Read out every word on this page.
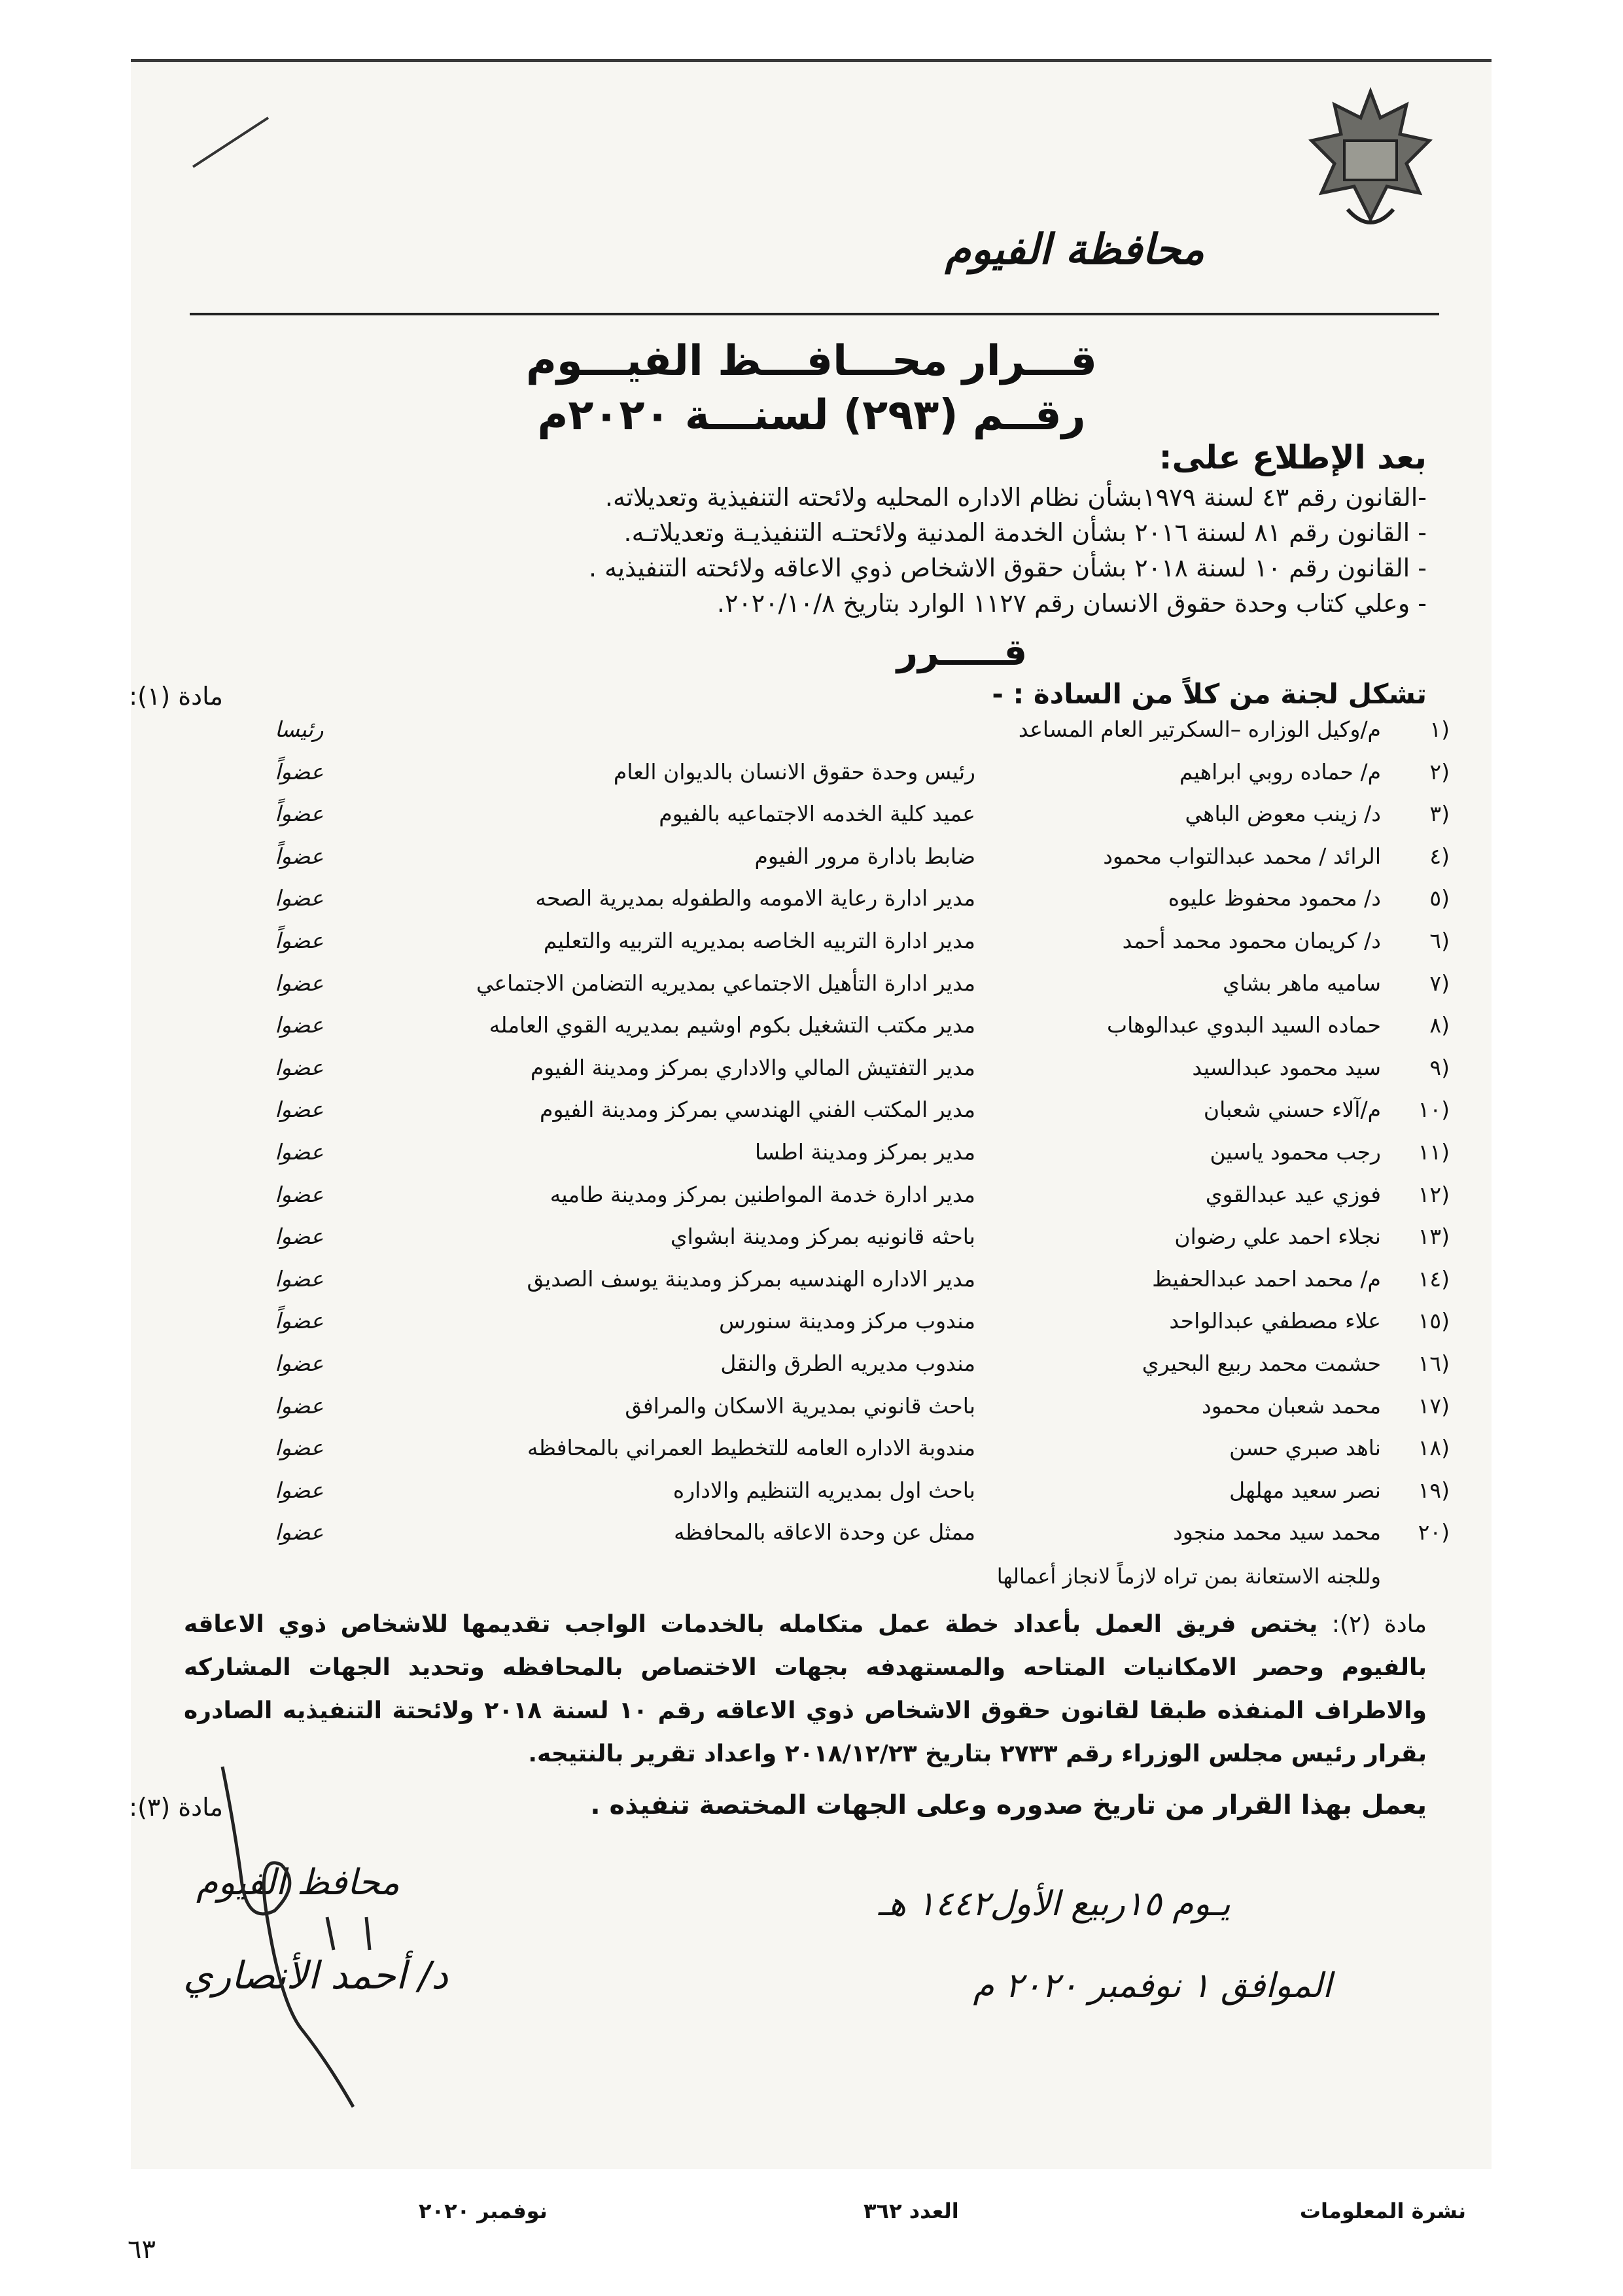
محافظة الفيوم
قـــرار محـــافـــظ الفيـــوم
رقــم (٢٩٣) لسنـــة ٢٠٢٠م
بعد الإطلاع على:
-القانون رقم ٤٣ لسنة ١٩٧٩بشأن نظام الاداره المحليه ولائحته التنفيذية وتعديلاته.
- القانون رقم ٨١ لسنة ٢٠١٦ بشأن الخدمة المدنية ولائحتـه التنفيذيـة وتعديلاتـه.
- القانون رقم ١٠ لسنة ٢٠١٨ بشأن حقوق الاشخاص ذوي الاعاقه ولائحته التنفيذيه .
- وعلي كتاب وحدة حقوق الانسان رقم ١١٢٧ الوارد بتاريخ ٢٠٢٠/١٠/٨.
قـــــرر
مادة (١):	تشكل لجنة من كلاً من السادة : -
١)
م/وكيل الوزاره –السكرتير العام المساعد
رئيسا
٢)
م/ حماده روبي ابراهيم
رئيس وحدة حقوق الانسان بالديوان العام
عضواً
٣)
د/ زينب معوض الباهي
عميد كلية الخدمه الاجتماعيه بالفيوم
عضواً
٤)
الرائد / محمد عبدالتواب محمود
ضابط بادارة مرور الفيوم
عضواً
٥)
د/ محمود محفوظ عليوه
مدير ادارة رعاية الامومه والطفوله بمديرية الصحه
عضوا
٦)
د/ كريمان محمود محمد أحمد
مدير ادارة التربيه الخاصه بمديريه التربيه والتعليم
عضواً
٧)
ساميه ماهر بشاي
مدير ادارة التأهيل الاجتماعي بمديريه التضامن الاجتماعي
عضوا
٨)
حماده السيد البدوي عبدالوهاب
مدير مكتب التشغيل بكوم اوشيم بمديريه القوي العامله
عضوا
٩)
سيد محمود عبدالسيد
مدير التفتيش المالي والاداري بمركز ومدينة الفيوم
عضوا
١٠)
م/آلاء حسني شعبان
مدير المكتب الفني الهندسي بمركز ومدينة الفيوم
عضوا
١١)
رجب محمود ياسين
مدير بمركز ومدينة اطسا
عضوا
١٢)
فوزي عيد عبدالقوي
مدير ادارة خدمة المواطنين بمركز ومدينة طاميه
عضوا
١٣)
نجلاء احمد علي رضوان
باحثه قانونيه بمركز ومدينة ابشواي
عضوا
١٤)
م/ محمد احمد عبدالحفيظ
مدير الاداره الهندسيه بمركز ومدينة يوسف الصديق
عضوا
١٥)
علاء مصطفي عبدالواحد
مندوب مركز ومدينة سنورس
عضواً
١٦)
حشمت محمد ربيع البحيري
مندوب مديريه الطرق والنقل
عضوا
١٧)
محمد شعبان محمود
باحث قانوني بمديرية الاسكان والمرافق
عضوا
١٨)
ناهد صبري حسن
مندوبة الاداره العامه للتخطيط العمراني بالمحافظه
عضوا
١٩)
نصر سعيد مهلهل
باحث اول بمديريه التنظيم والاداره
عضوا
٢٠)
محمد سيد محمد منجود
ممثل عن وحدة الاعاقه بالمحافظه
عضوا
وللجنه الاستعانة بمن تراه لازماً لانجاز أعمالها
مادة (٢): يختص فريق العمل بأعداد خطة عمل متكامله بالخدمات الواجب تقديمها للاشخاص ذوي الاعاقه بالفيوم وحصر الامكانيات المتاحه والمستهدفه بجهات الاختصاص بالمحافظه وتحديد الجهات المشاركه والاطراف المنفذه طبقا لقانون حقوق الاشخاص ذوي الاعاقه رقم ١٠ لسنة ٢٠١٨ ولائحتة التنفيذيه الصادره بقرار رئيس مجلس الوزراء رقم ٢٧٣٣ بتاريخ ٢٠١٨/١٢/٢٣ واعداد تقرير بالنتيجه.
مادة (٣):	يعمل بهذا القرار من تاريخ صدوره وعلى الجهات المختصة تنفيذه .
يـوم ١٥ربيع الأول١٤٤٢ هـ
الموافق ١ نوفمبر ٢٠٢٠ م
محافظ الفيوم
د/ أحمد الأنصاري
نوفمبر ٢٠٢٠	العدد ٣٦٢	نشرة المعلومات
٦٣
